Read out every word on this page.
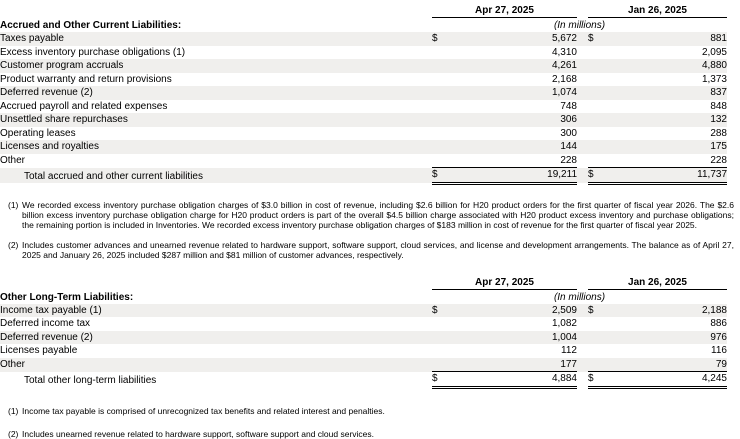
	Apr 27, 2025			Jan 26, 2025		
Accrued and Other Current Liabilities:	(In millions)					
Taxes payable	$	5,672		$	881	
Excess inventory purchase obligations (1)		4,310			2,095	
Customer program accruals		4,261			4,880	
Product warranty and return provisions		2,168			1,373	
Deferred revenue (2)		1,074			837	
Accrued payroll and related expenses		748			848	
Unsettled share repurchases		306			132	
Operating leases		300			288	
Licenses and royalties		144			175	
Other		228			228	
Total accrued and other current liabilities	$	19,211		$	11,737	
(1) We recorded excess inventory purchase obligation charges of $3.0 billion in cost of revenue, including $2.6 billion for H20 product orders for the first quarter of fiscal year 2026. The $2.6 billion excess inventory purchase obligation charge for H20 product orders is part of the overall $4.5 billion charge associated with H20 product excess inventory and purchase obligations; the remaining portion is included in Inventories. We recorded excess inventory purchase obligation charges of $183 million in cost of revenue for the first quarter of fiscal year 2025.
(2) Includes customer advances and unearned revenue related to hardware support, software support, cloud services, and license and development arrangements. The balance as of April 27, 2025 and January 26, 2025 included $287 million and $81 million of customer advances, respectively.
	Apr 27, 2025			Jan 26, 2025		
Other Long-Term Liabilities:	(In millions)					
Income tax payable (1)	$	2,509		$	2,188	
Deferred income tax		1,082			886	
Deferred revenue (2)		1,004			976	
Licenses payable		112			116	
Other		177			79	
Total other long-term liabilities	$	4,884		$	4,245	
(1) Income tax payable is comprised of unrecognized tax benefits and related interest and penalties.
(2) Includes unearned revenue related to hardware support, software support and cloud services.
